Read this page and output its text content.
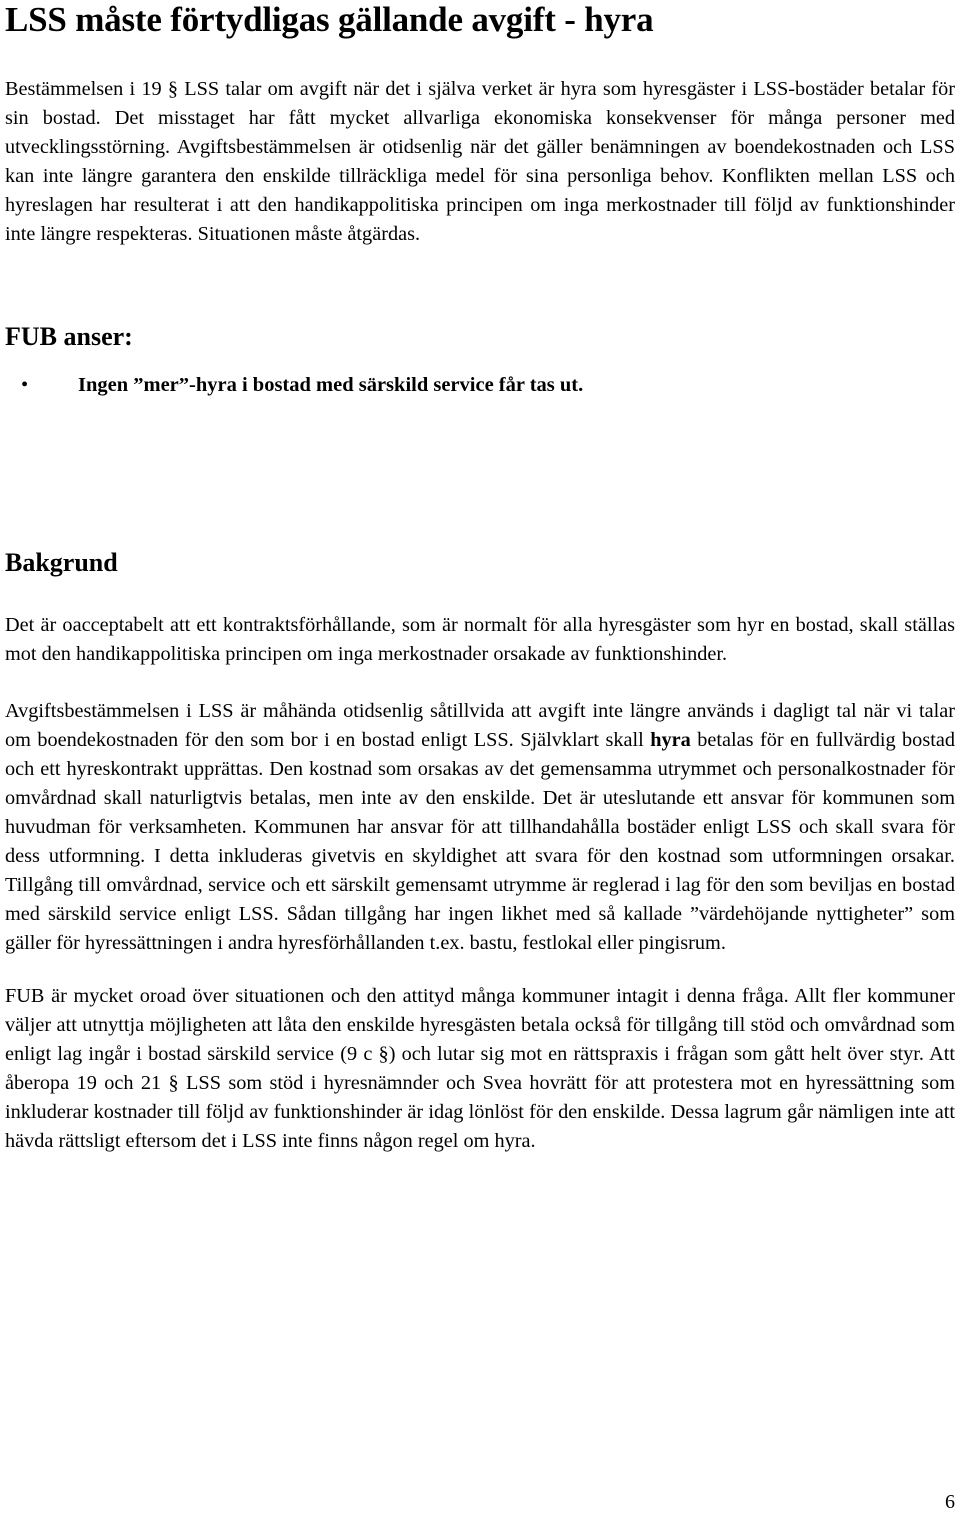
LSS måste förtydligas gällande avgift - hyra

Bestämmelsen i 19 § LSS talar om avgift när det i själva verket är hyra som hyresgäster i LSS-bostäder betalar för sin bostad. Det misstaget har fått mycket allvarliga ekonomiska konsekvenser för många personer med utvecklingsstörning. Avgiftsbestämmelsen är otidsenlig när det gäller benämningen av boendekostnaden och LSS kan inte längre garantera den enskilde tillräckliga medel för sina personliga behov. Konflikten mellan LSS och hyreslagen har resulterat i att den handikappolitiska principen om inga merkostnader till följd av funktionshinder inte längre respekteras. Situationen måste åtgärdas.

FUB anser:
•	Ingen ”mer”-hyra i bostad med särskild service får tas ut.
Bakgrund

Det är oacceptabelt att ett kontraktsförhållande, som är normalt för alla hyresgäster som hyr en bostad, skall ställas mot den handikappolitiska principen om inga merkostnader orsakade av funktionshinder.

Avgiftsbestämmelsen i LSS är måhända otidsenlig såtillvida att avgift inte längre används i dagligt tal när vi talar om boendekostnaden för den som bor i en bostad enligt LSS. Självklart skall hyra betalas för en fullvärdig bostad och ett hyreskontrakt upprättas. Den kostnad som orsakas av det gemensamma utrymmet och personalkostnader för omvårdnad skall naturligtvis betalas, men inte av den enskilde. Det är uteslutande ett ansvar för kommunen som huvudman för verksamheten. Kommunen har ansvar för att tillhandahålla bostäder enligt LSS och skall svara för dess utformning. I detta inkluderas givetvis en skyldighet att svara för den kostnad som utformningen orsakar. Tillgång till omvårdnad, service och ett särskilt gemensamt utrymme är reglerad i lag för den som beviljas en bostad med särskild service enligt LSS. Sådan tillgång har ingen likhet med så kallade ”värdehöjande nyttigheter” som gäller för hyressättningen i andra hyresförhållanden t.ex. bastu, festlokal eller pingisrum.

FUB är mycket oroad över situationen och den attityd många kommuner intagit i denna fråga. Allt fler kommuner väljer att utnyttja möjligheten att låta den enskilde hyresgästen betala också för tillgång till stöd och omvårdnad som enligt lag ingår i bostad särskild service (9 c §) och lutar sig mot en rättspraxis i frågan som gått helt över styr. Att åberopa 19 och 21 § LSS som stöd i hyresnämnder och Svea hovrätt för att protestera mot en hyressättning som inkluderar kostnader till följd av funktionshinder är idag lönlöst för den enskilde. Dessa lagrum går nämligen inte att hävda rättsligt eftersom det i LSS inte finns någon regel om hyra.

6
